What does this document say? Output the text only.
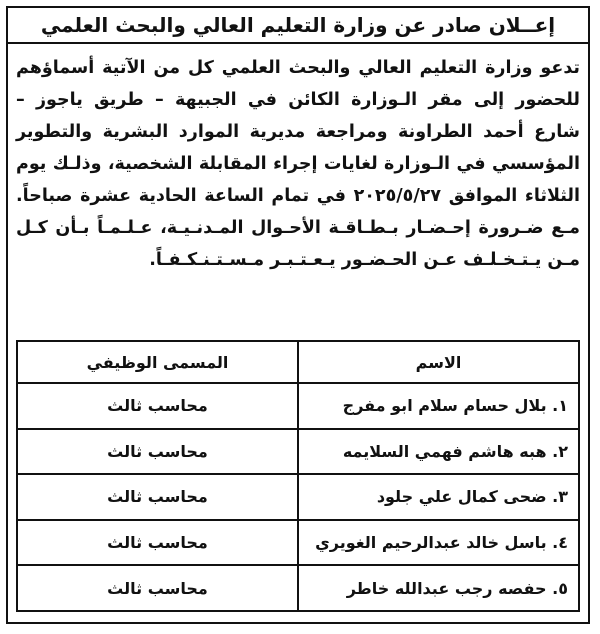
إعــلان صادر عن وزارة التعليم العالي والبحث العلمي

تدعو وزارة التعليم العالي والبحث العلمي كل من الآتية أسماؤهم للحضور إلى مقر الـوزارة الكائن في الجبيهة – طريق ياجوز – شارع أحمد الطراونة ومراجعة مديرية الموارد البشرية والتطوير المؤسسي في الـوزارة لغايات إجراء المقابلة الشخصية، وذلـك يوم الثلاثاء الموافق ٢٠٢٥/٥/٢٧ في تمام الساعة الحادية عشرة صباحاً. مـع ضـرورة إحـضـار بـطـاقـة الأحـوال المـدنـيـة، عـلـمـاً بـأن كـل مـن يـتـخـلـف عـن الحـضـور يـعـتـبـر مـسـتـنـكـفـاً.

الاسم	المسمى الوظيفي
١. بلال حسام سلام ابو مفرج	محاسب ثالث
٢. هبه هاشم فهمي السلايمه	محاسب ثالث
٣. ضحى كمال علي جلود	محاسب ثالث
٤. باسل خالد عبدالرحيم الغويري	محاسب ثالث
٥. حفصه رجب عبدالله خاطر	محاسب ثالث
